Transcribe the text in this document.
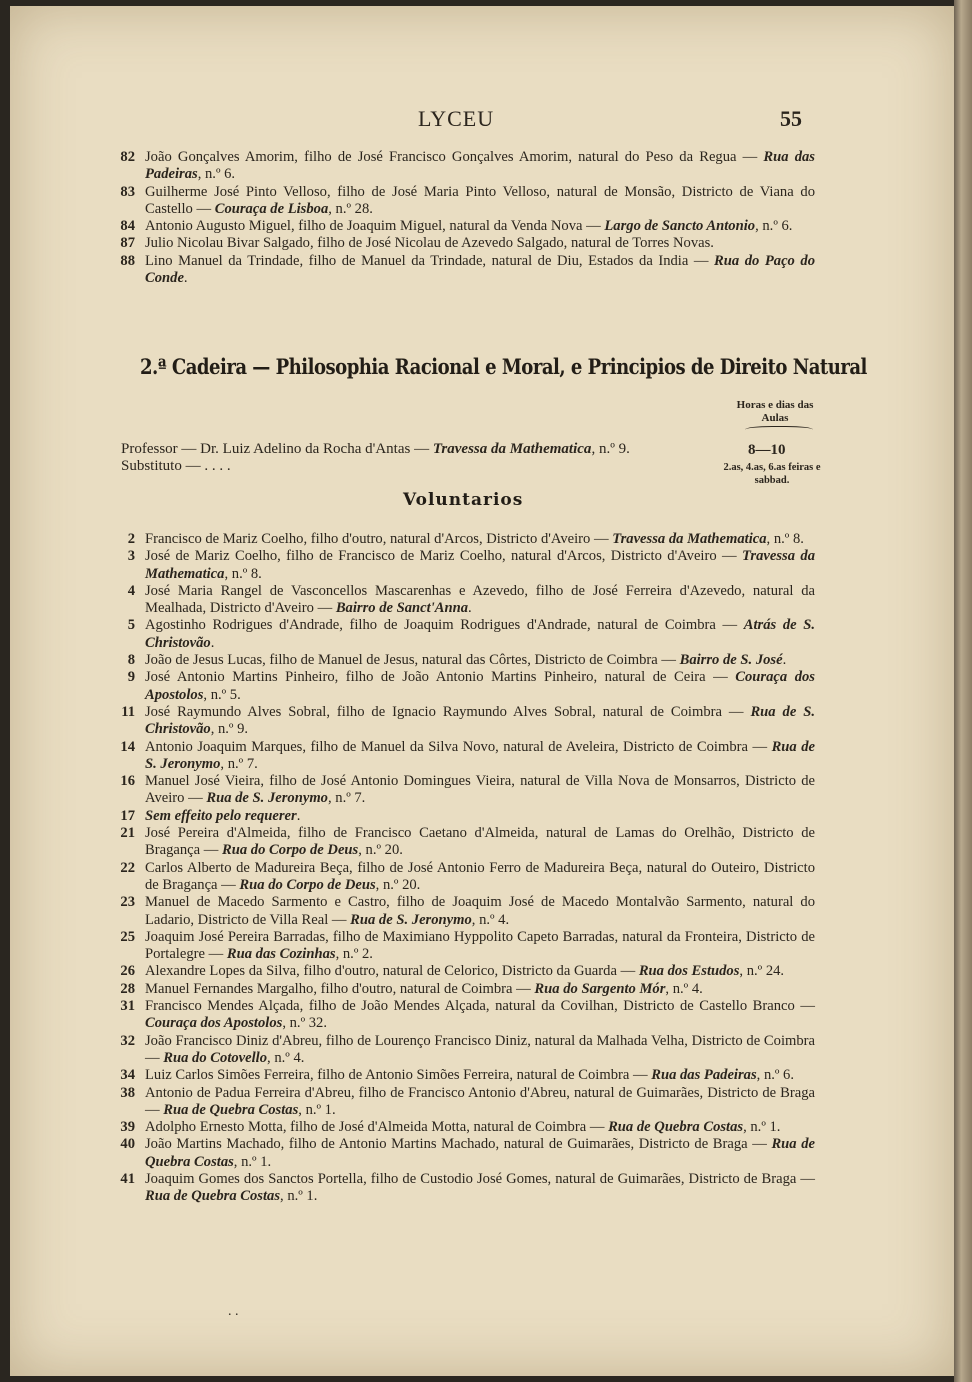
LYCEU	55
82 João Gonçalves Amorim, filho de José Francisco Gonçalves Amorim, natural do Peso da Regua — Rua das Padeiras, n.º 6.
83 Guilherme José Pinto Velloso, filho de José Maria Pinto Velloso, natural de Monsão, Districto de Viana do Castello — Couraça de Lisboa, n.º 28.
84 Antonio Augusto Miguel, filho de Joaquim Miguel, natural da Venda Nova — Largo de Sancto Antonio, n.º 6.
87 Julio Nicolau Bivar Salgado, filho de José Nicolau de Azevedo Salgado, natural de Torres Novas.
88 Lino Manuel da Trindade, filho de Manuel da Trindade, natural de Diu, Estados da India — Rua do Paço do Conde.
2.ª Cadeira — Philosophia Racional e Moral, e Principios de Direito Natural
Horas e dias das Aulas
Professor — Dr. Luiz Adelino da Rocha d'Antas — Travessa da Mathematica, n.º 9.	8—10
Substituto — . . . .	2.as, 4.as, 6.as feiras e sabbad.
Voluntarios
2 Francisco de Mariz Coelho, filho d'outro, natural d'Arcos, Districto d'Aveiro — Travessa da Mathematica, n.º 8.
3 José de Mariz Coelho, filho de Francisco de Mariz Coelho, natural d'Arcos, Districto d'Aveiro — Travessa da Mathematica, n.º 8.
4 José Maria Rangel de Vasconcellos Mascarenhas e Azevedo, filho de José Ferreira d'Azevedo, natural da Mealhada, Districto d'Aveiro — Bairro de Sanct'Anna.
5 Agostinho Rodrigues d'Andrade, filho de Joaquim Rodrigues d'Andrade, natural de Coimbra — Atrás de S. Christovão.
8 João de Jesus Lucas, filho de Manuel de Jesus, natural das Côrtes, Districto de Coimbra — Bairro de S. José.
9 José Antonio Martins Pinheiro, filho de João Antonio Martins Pinheiro, natural de Ceira — Couraça dos Apostolos, n.º 5.
11 José Raymundo Alves Sobral, filho de Ignacio Raymundo Alves Sobral, natural de Coimbra — Rua de S. Christovão, n.º 9.
14 Antonio Joaquim Marques, filho de Manuel da Silva Novo, natural de Aveleira, Districto de Coimbra — Rua de S. Jeronymo, n.º 7.
16 Manuel José Vieira, filho de José Antonio Domingues Vieira, natural de Villa Nova de Monsarros, Districto de Aveiro — Rua de S. Jeronymo, n.º 7.
17 Sem effeito pelo requerer.
21 José Pereira d'Almeida, filho de Francisco Caetano d'Almeida, natural de Lamas do Orelhão, Districto de Bragança — Rua do Corpo de Deus, n.º 20.
22 Carlos Alberto de Madureira Beça, filho de José Antonio Ferro de Madureira Beça, natural do Outeiro, Districto de Bragança — Rua do Corpo de Deus, n.º 20.
23 Manuel de Macedo Sarmento e Castro, filho de Joaquim José de Macedo Montalvão Sarmento, natural do Ladario, Districto de Villa Real — Rua de S. Jeronymo, n.º 4.
25 Joaquim José Pereira Barradas, filho de Maximiano Hyppolito Capeto Barradas, natural da Fronteira, Districto de Portalegre — Rua das Cozinhas, n.º 2.
26 Alexandre Lopes da Silva, filho d'outro, natural de Celorico, Districto da Guarda — Rua dos Estudos, n.º 24.
28 Manuel Fernandes Margalho, filho d'outro, natural de Coimbra — Rua do Sargento Mór, n.º 4.
31 Francisco Mendes Alçada, filho de João Mendes Alçada, natural da Covilhan, Districto de Castello Branco — Couraça dos Apostolos, n.º 32.
32 João Francisco Diniz d'Abreu, filho de Lourenço Francisco Diniz, natural da Malhada Velha, Districto de Coimbra — Rua do Cotovello, n.º 4.
34 Luiz Carlos Simões Ferreira, filho de Antonio Simões Ferreira, natural de Coimbra — Rua das Padeiras, n.º 6.
38 Antonio de Padua Ferreira d'Abreu, filho de Francisco Antonio d'Abreu, natural de Guimarães, Districto de Braga — Rua de Quebra Costas, n.º 1.
39 Adolpho Ernesto Motta, filho de José d'Almeida Motta, natural de Coimbra — Rua de Quebra Costas, n.º 1.
40 João Martins Machado, filho de Antonio Martins Machado, natural de Guimarães, Districto de Braga — Rua de Quebra Costas, n.º 1.
41 Joaquim Gomes dos Sanctos Portella, filho de Custodio José Gomes, natural de Guimarães, Districto de Braga — Rua de Quebra Costas, n.º 1.
. .
